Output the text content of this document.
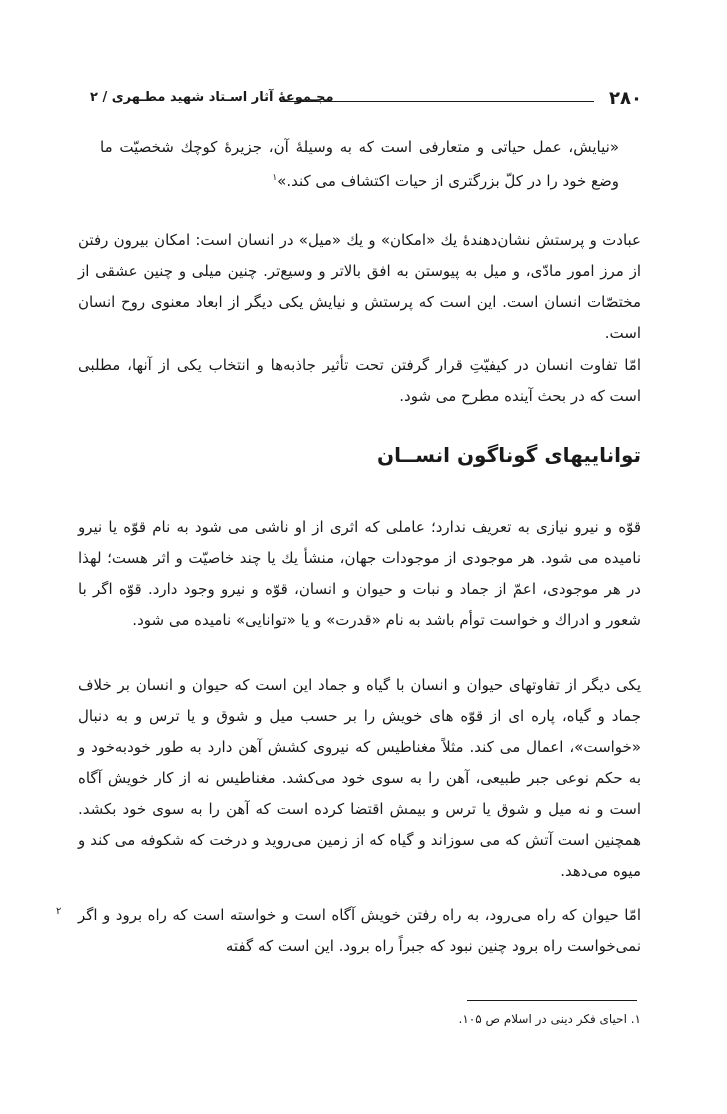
۲۸۰
مجـموعهٔ آثار اسـتاد شهید مطـهری / ۲

«نیایش، عمل حیاتی و متعارفی است که به وسیلهٔ آن، جزیرهٔ کوچك شخصیّت ما وضع خود را در کلّ بزرگتری از حیات اکتشاف می کند.»$^۱$

عبادت و پرستش نشان‌دهندهٔ یك «امکان» و یك «میل» در انسان است: امکان بیرون رفتن از مرز امور مادّی، و میل به پیوستن به افق بالاتر و وسیع‌تر. چنین میلی و چنین عشقی از مختصّات انسان است. این است که پرستش و نیایش یکی دیگر از ابعاد معنوی روح انسان است.

امّا تفاوت انسان در کیفیّتِ قرار گرفتن تحت تأثیر جاذبه‌ها و انتخاب یکی از آنها، مطلبی است که در بحث آینده مطرح می شود.

تواناییهای گوناگون انســان

قوّه و نیرو نیازی به تعریف ندارد؛ عاملی که اثری از او ناشی می شود به نام قوّه یا نیرو نامیده می شود. هر موجودی از موجودات جهان، منشأ یك یا چند خاصیّت و اثر هست؛ لهذا در هر موجودی، اعمّ از جماد و نبات و حیوان و انسان، قوّه و نیرو وجود دارد. قوّه اگر با شعور و ادراك و خواست توأم باشد به نام «قدرت» و یا «توانایی» نامیده می شود.

یکی دیگر از تفاوتهای حیوان و انسان با گیاه و جماد این است که حیوان و انسان بر خلاف جماد و گیاه، پاره ای از قوّه های خویش را بر حسب میل و شوق و یا ترس و به دنبال «خواست»، اعمال می کند. مثلاً مغناطیس که نیروی کشش آهن دارد به طور خودبه‌خود و به حکم نوعی جبر طبیعی، آهن را به سوی خود می‌کشد. مغناطیس نه از کار خویش آگاه است و نه میل و شوق یا ترس و بیمش اقتضا کرده است که آهن را به سوی خود بکشد. همچنین است آتش که می سوزاند و گیاه که از زمین می‌روید و درخت که شکوفه می کند و میوه می‌دهد.

امّا حیوان که راه می‌رود، به راه رفتن خویش آگاه است و خواسته است که راه برود و اگر نمی‌خواست راه برود چنین نبود که جبراً راه برود. این است که گفته

۲
۱. احیای فکر دینی در اسلام ص ۱۰۵.
